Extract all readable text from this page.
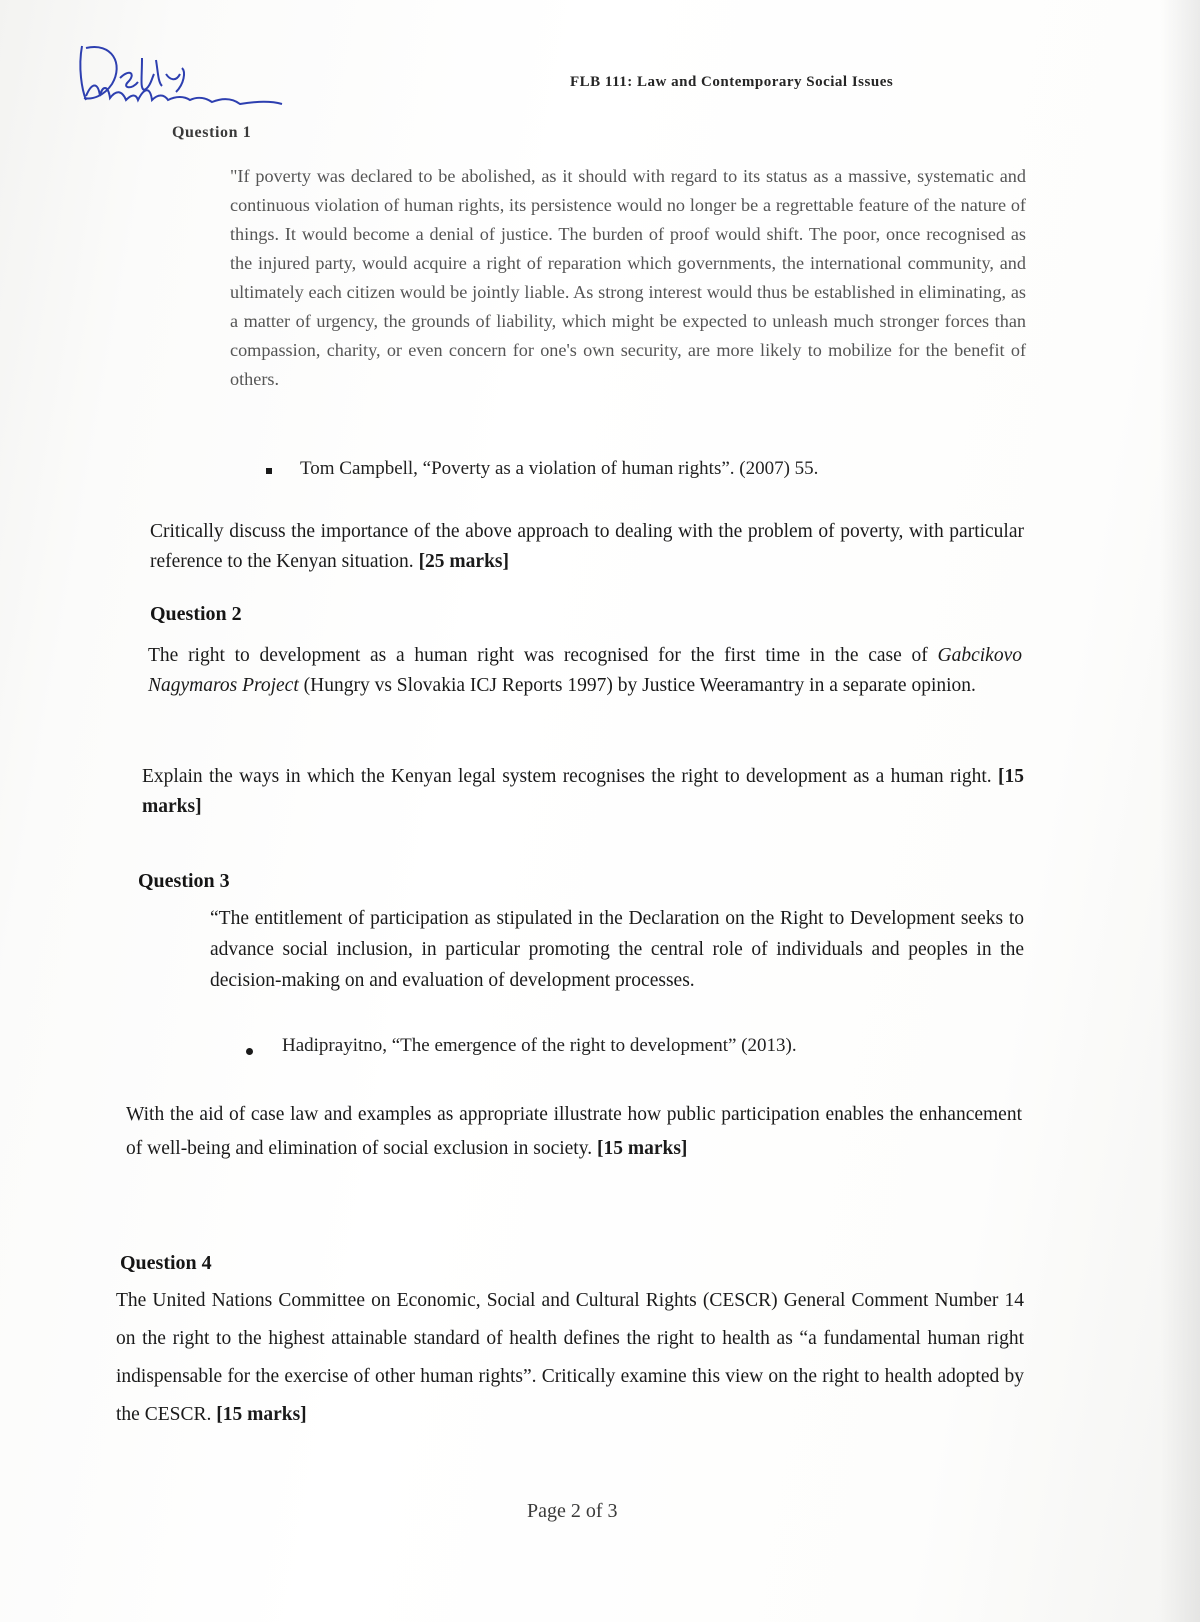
FLB 111: Law and Contemporary Social Issues
Question 1
"If poverty was declared to be abolished, as it should with regard to its status as a massive, systematic and continuous violation of human rights, its persistence would no longer be a regrettable feature of the nature of things. It would become a denial of justice. The burden of proof would shift. The poor, once recognised as the injured party, would acquire a right of reparation which governments, the international community, and ultimately each citizen would be jointly liable. As strong interest would thus be established in eliminating, as a matter of urgency, the grounds of liability, which might be expected to unleash much stronger forces than compassion, charity, or even concern for one's own security, are more likely to mobilize for the benefit of others.
Tom Campbell, “Poverty as a violation of human rights”. (2007) 55.
Critically discuss the importance of the above approach to dealing with the problem of poverty, with particular reference to the Kenyan situation. [25 marks]
Question 2
The right to development as a human right was recognised for the first time in the case of Gabcikovo Nagymaros Project (Hungry vs Slovakia ICJ Reports 1997) by Justice Weeramantry in a separate opinion.
Explain the ways in which the Kenyan legal system recognises the right to development as a human right. [15 marks]
Question 3
“The entitlement of participation as stipulated in the Declaration on the Right to Development seeks to advance social inclusion, in particular promoting the central role of individuals and peoples in the decision-making on and evaluation of development processes.
Hadiprayitno, “The emergence of the right to development” (2013).
With the aid of case law and examples as appropriate illustrate how public participation enables the enhancement of well-being and elimination of social exclusion in society. [15 marks]
Question 4
The United Nations Committee on Economic, Social and Cultural Rights (CESCR) General Comment Number 14 on the right to the highest attainable standard of health defines the right to health as “a fundamental human right indispensable for the exercise of other human rights”. Critically examine this view on the right to health adopted by the CESCR. [15 marks]
Page 2 of 3
